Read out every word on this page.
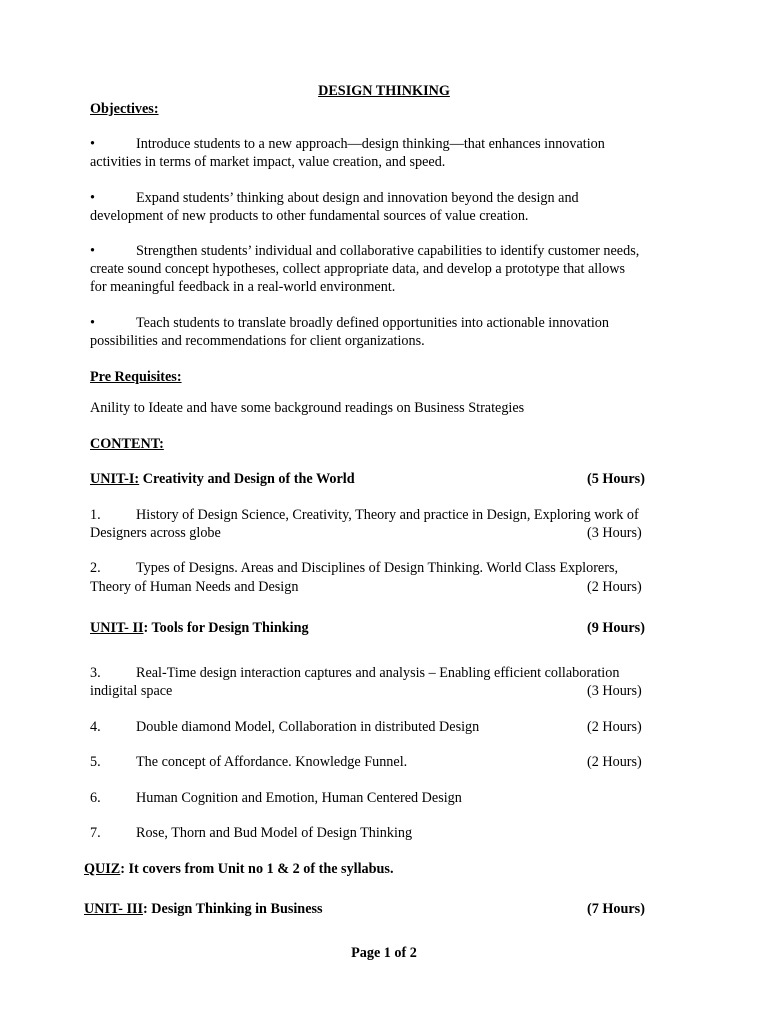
DESIGN THINKING
Objectives:
•	Introduce students to a new approach—design thinking—that enhances innovation
activities in terms of market impact, value creation, and speed.
•	Expand students’ thinking about design and innovation beyond the design and
development of new products to other fundamental sources of value creation.
•	Strengthen students’ individual and collaborative capabilities to identify customer needs,
create sound concept hypotheses, collect appropriate data, and develop a prototype that allows
for meaningful feedback in a real-world environment.
•	Teach students to translate broadly defined opportunities into actionable innovation
possibilities and recommendations for client organizations.
Pre Requisites:
Anility to Ideate and have some background readings on Business Strategies
CONTENT:
UNIT-I: Creativity and Design of the World	(5 Hours)
1. History of Design Science, Creativity, Theory and practice in Design, Exploring work of
Designers across globe	(3 Hours)
2. Types of Designs. Areas and Disciplines of Design Thinking. World Class Explorers,
Theory of Human Needs and Design	(2 Hours)
UNIT- II: Tools for Design Thinking	(9 Hours)
3. Real-Time design interaction captures and analysis – Enabling efficient collaboration
indigital space	(3 Hours)
4. Double diamond Model, Collaboration in distributed Design	(2 Hours)
5. The concept of Affordance. Knowledge Funnel.	(2 Hours)
6. Human Cognition and Emotion, Human Centered Design
7. Rose, Thorn and Bud Model of Design Thinking
QUIZ: It covers from Unit no 1 & 2 of the syllabus.
UNIT- III: Design Thinking in Business	(7 Hours)
Page 1 of 2
